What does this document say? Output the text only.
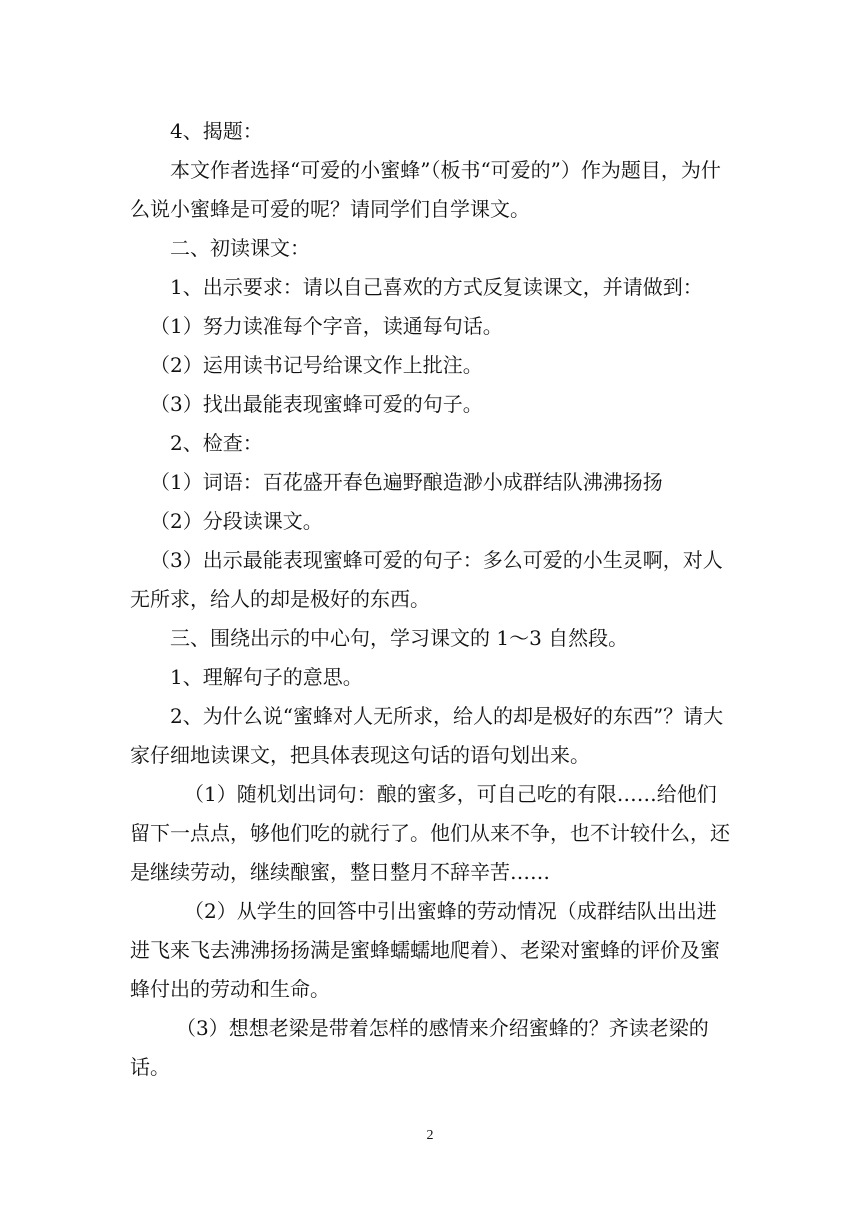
4、揭题：

本文作者选择“可爱的小蜜蜂”（板书“可爱的”）作为题目，为什么说小蜜蜂是可爱的呢？请同学们自学课文。

二、初读课文：

1、出示要求：请以自己喜欢的方式反复读课文，并请做到：

（1）努力读准每个字音，读通每句话。

（2）运用读书记号给课文作上批注。

（3）找出最能表现蜜蜂可爱的句子。

2、检查：

（1）词语：百花盛开春色遍野酿造渺小成群结队沸沸扬扬

（2）分段读课文。

（3）出示最能表现蜜蜂可爱的句子：多么可爱的小生灵啊，对人无所求，给人的却是极好的东西。

三、围绕出示的中心句，学习课文的 1～3 自然段。

1、理解句子的意思。

2、为什么说“蜜蜂对人无所求，给人的却是极好的东西”？请大家仔细地读课文，把具体表现这句话的语句划出来。

（1）随机划出词句：酿的蜜多，可自己吃的有限……给他们留下一点点，够他们吃的就行了。他们从来不争，也不计较什么，还是继续劳动，继续酿蜜，整日整月不辞辛苦……

（2）从学生的回答中引出蜜蜂的劳动情况（成群结队出出进进飞来飞去沸沸扬扬满是蜜蜂蠕蠕地爬着）、老梁对蜜蜂的评价及蜜蜂付出的劳动和生命。

（3）想想老梁是带着怎样的感情来介绍蜜蜂的？齐读老梁的话。

2
